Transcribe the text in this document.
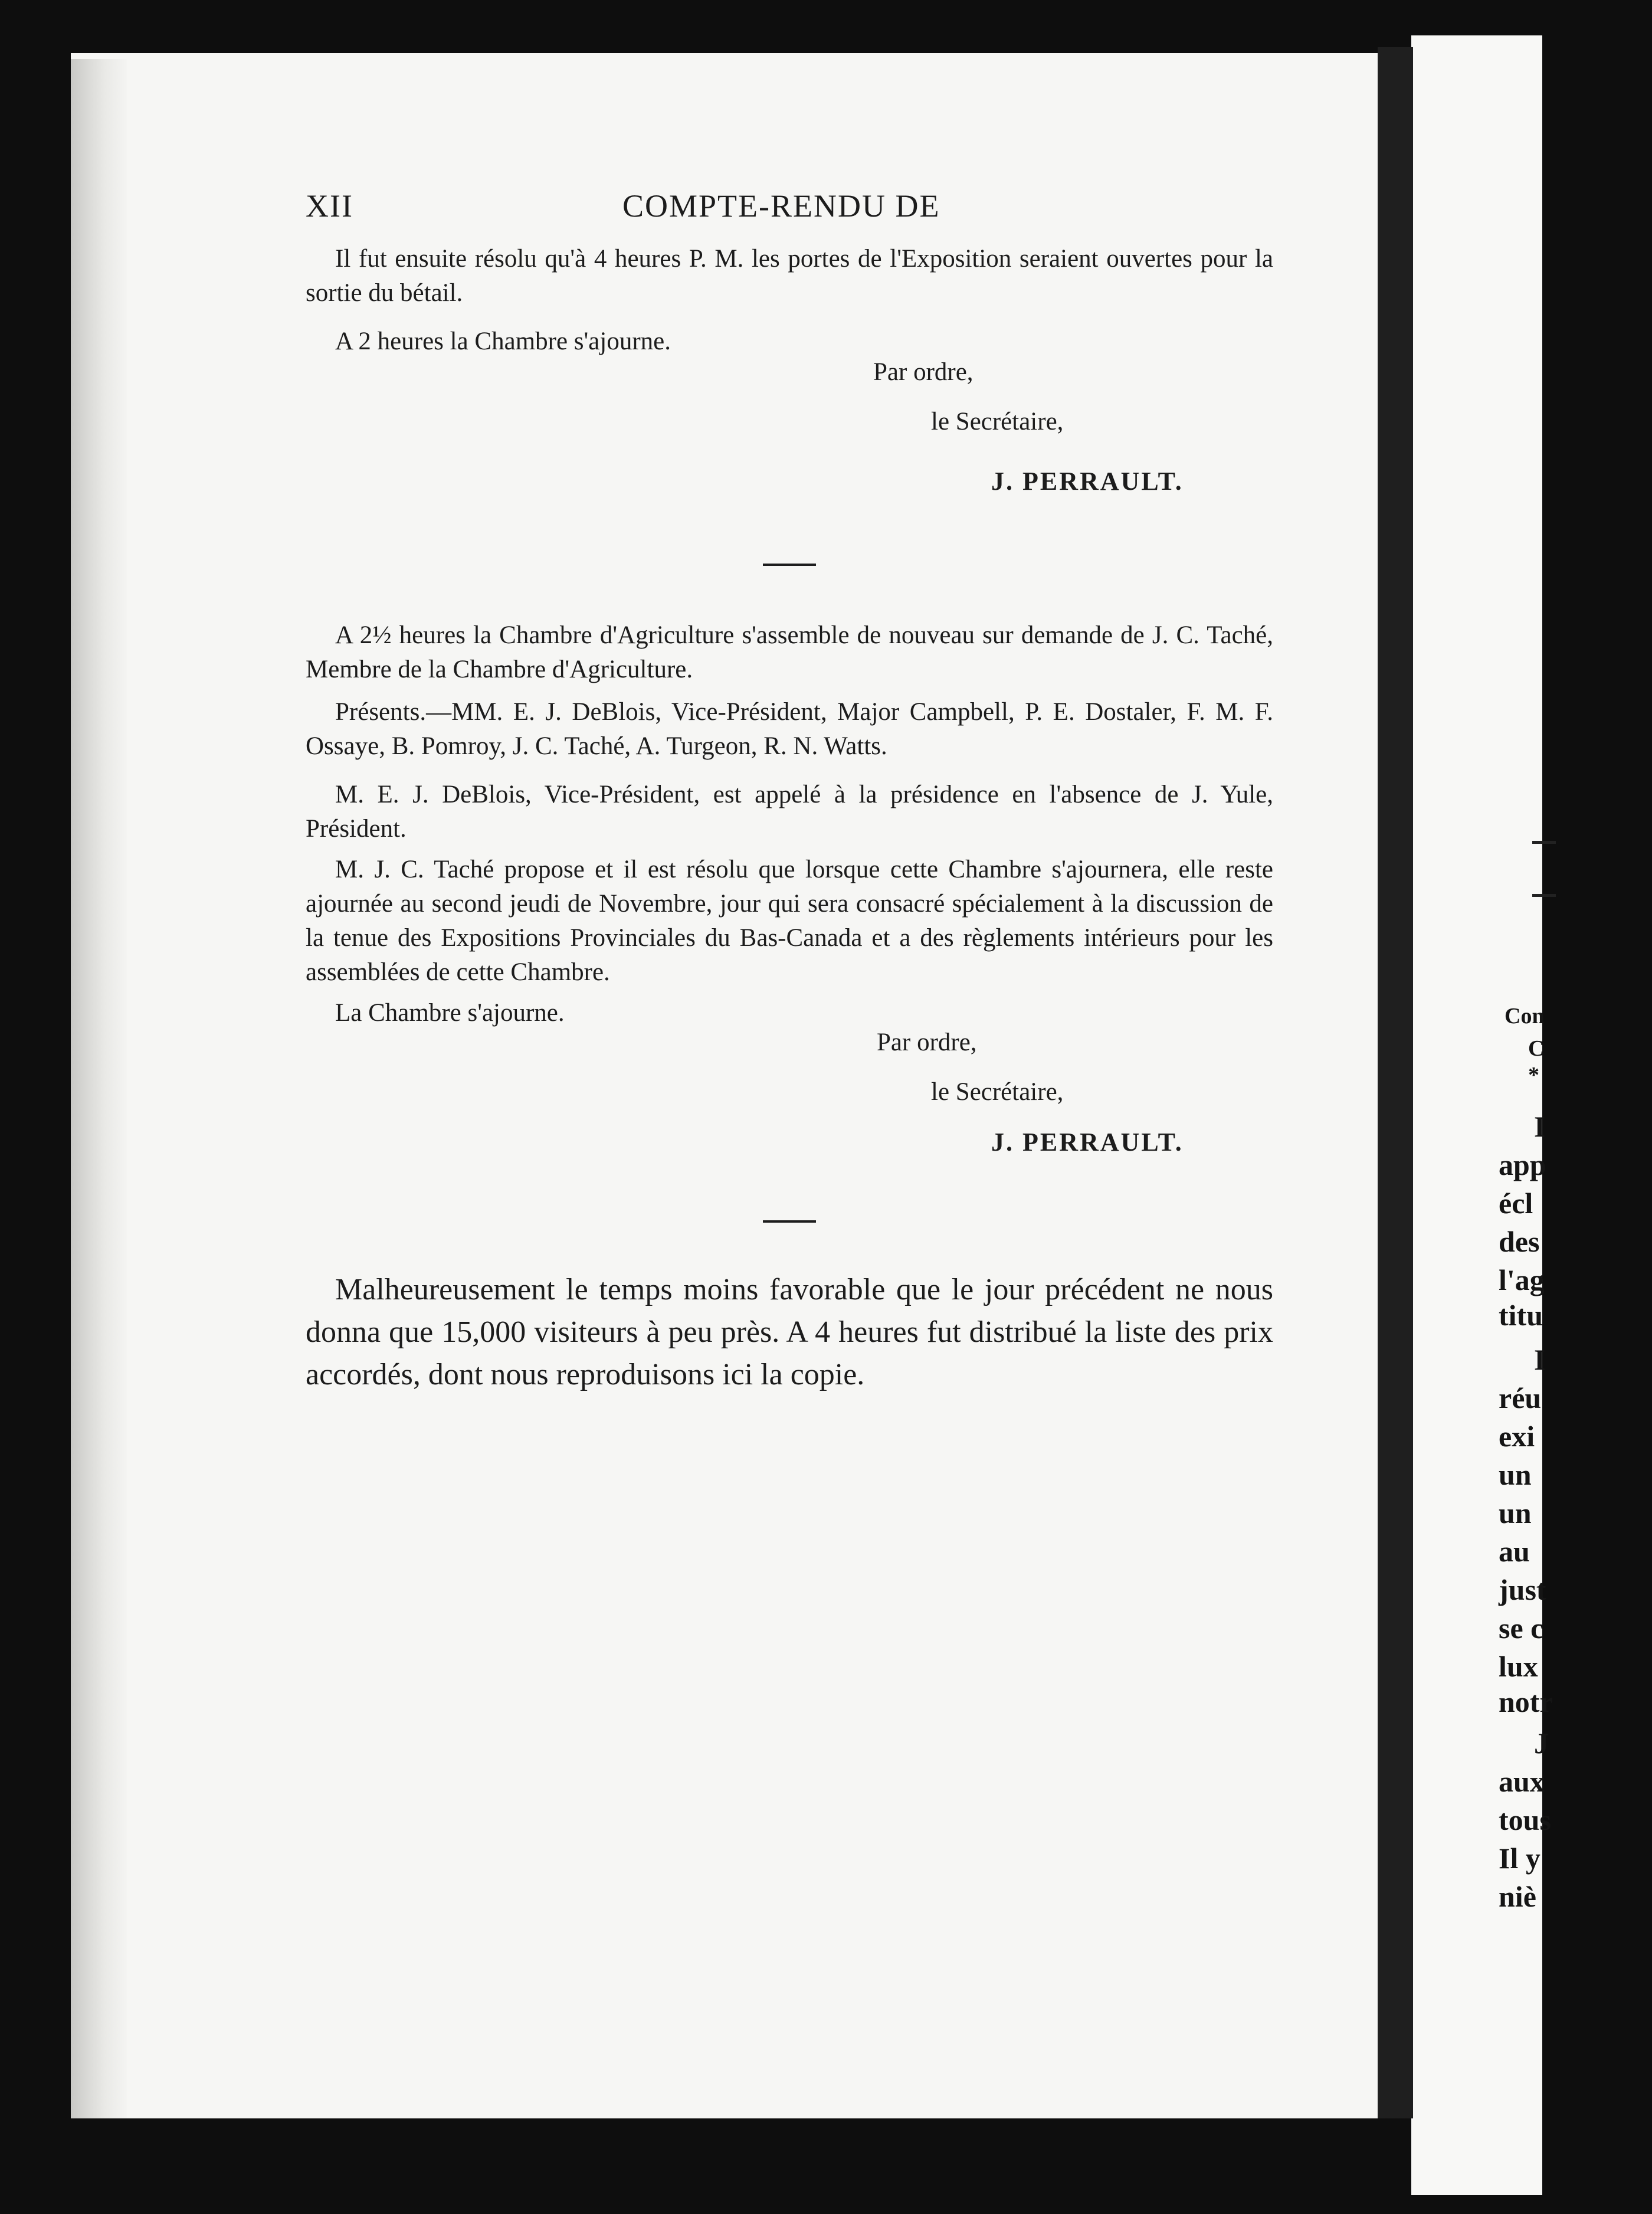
Con
C
*
I
app
écl
des
l'ag
titu
I
réu
exi
un
un
au
just
se c
lux
notr
J
aux
tous
Il y
niè
XII	COMPTE-RENDU DE

Il fut ensuite résolu qu'à 4 heures P. M. les portes de l'Exposition seraient ouvertes pour la sortie du bétail.

A 2 heures la Chambre s'ajourne.

Par ordre,
le Secrétaire,
J. PERRAULT.

A 2½ heures la Chambre d'Agriculture s'assemble de nouveau sur demande de J. C. Taché, Membre de la Chambre d'Agriculture.

Présents.—MM. E. J. DeBlois, Vice-Président, Major Campbell, P. E. Dostaler, F. M. F. Ossaye, B. Pomroy, J. C. Taché, A. Turgeon, R. N. Watts.

M. E. J. DeBlois, Vice-Président, est appelé à la présidence en l'absence de J. Yule, Président.

M. J. C. Taché propose et il est résolu que lorsque cette Chambre s'ajournera, elle reste ajournée au second jeudi de Novembre, jour qui sera consacré spécialement à la discussion de la tenue des Expositions Provinciales du Bas-Canada et a des règlements intérieurs pour les assemblées de cette Chambre.

La Chambre s'ajourne.

Par ordre,
le Secrétaire,
J. PERRAULT.

Malheureusement le temps moins favorable que le jour précédent ne nous donna que 15,000 visiteurs à peu près. A 4 heures fut distribué la liste des prix accordés, dont nous reproduisons ici la copie.
